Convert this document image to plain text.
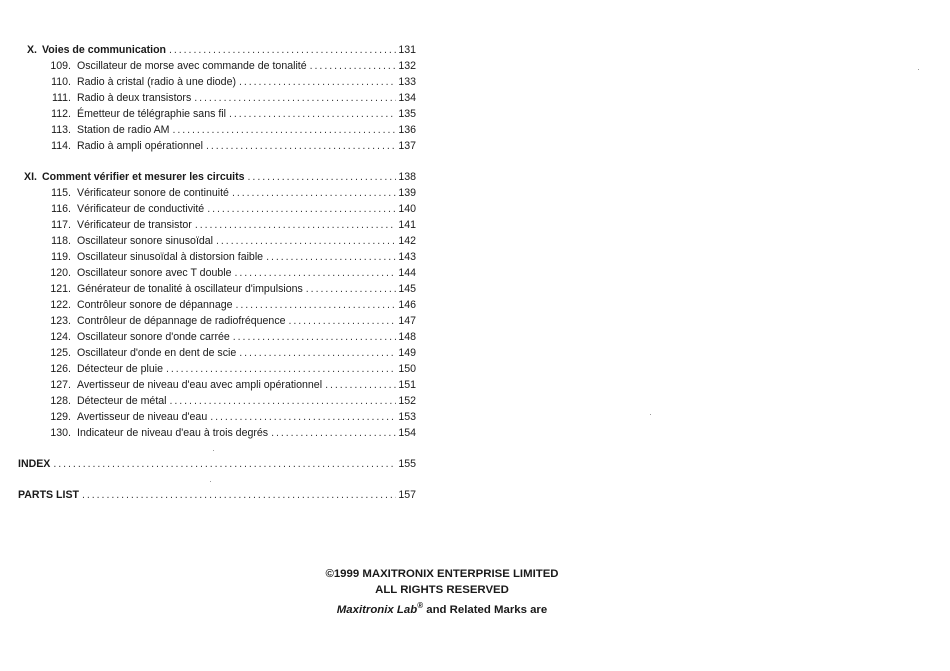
X. Voies de communication . . .	131
109. Oscillateur de morse avec commande de tonalité . . .	132
110. Radio à cristal (radio à une diode) . . .	133
111. Radio à deux transistors . . .	134
112. Émetteur de télégraphie sans fil . . .	135
113. Station de radio AM . . .	136
114. Radio à ampli opérationnel . . .	137
XI. Comment vérifier et mesurer les circuits . . .	138
115. Vérificateur sonore de continuité . . .	139
116. Vérificateur de conductivité . . .	140
117. Vérificateur de transistor . . .	141
118. Oscillateur sonore sinusoïdal . . .	142
119. Oscillateur sinusoïdal à distorsion faible . . .	143
120. Oscillateur sonore avec T double . . .	144
121. Générateur de tonalité à oscillateur d'impulsions . . .	145
122. Contrôleur sonore de dépannage . . .	146
123. Contrôleur de dépannage de radiofréquence . . .	147
124. Oscillateur sonore d'onde carrée . . .	148
125. Oscillateur d'onde en dent de scie . . .	149
126. Détecteur de pluie . . .	150
127. Avertisseur de niveau d'eau avec ampli opérationnel . . .	151
128. Détecteur de métal . . .	152
129. Avertisseur de niveau d'eau . . .	153
130. Indicateur de niveau d'eau à trois degrés . . .	154
INDEX . . .	155
PARTS LIST . . .	157
©1999 MAXITRONIX ENTERPRISE LIMITED
ALL RIGHTS RESERVED
Maxitronix Lab® and Related Marks are
